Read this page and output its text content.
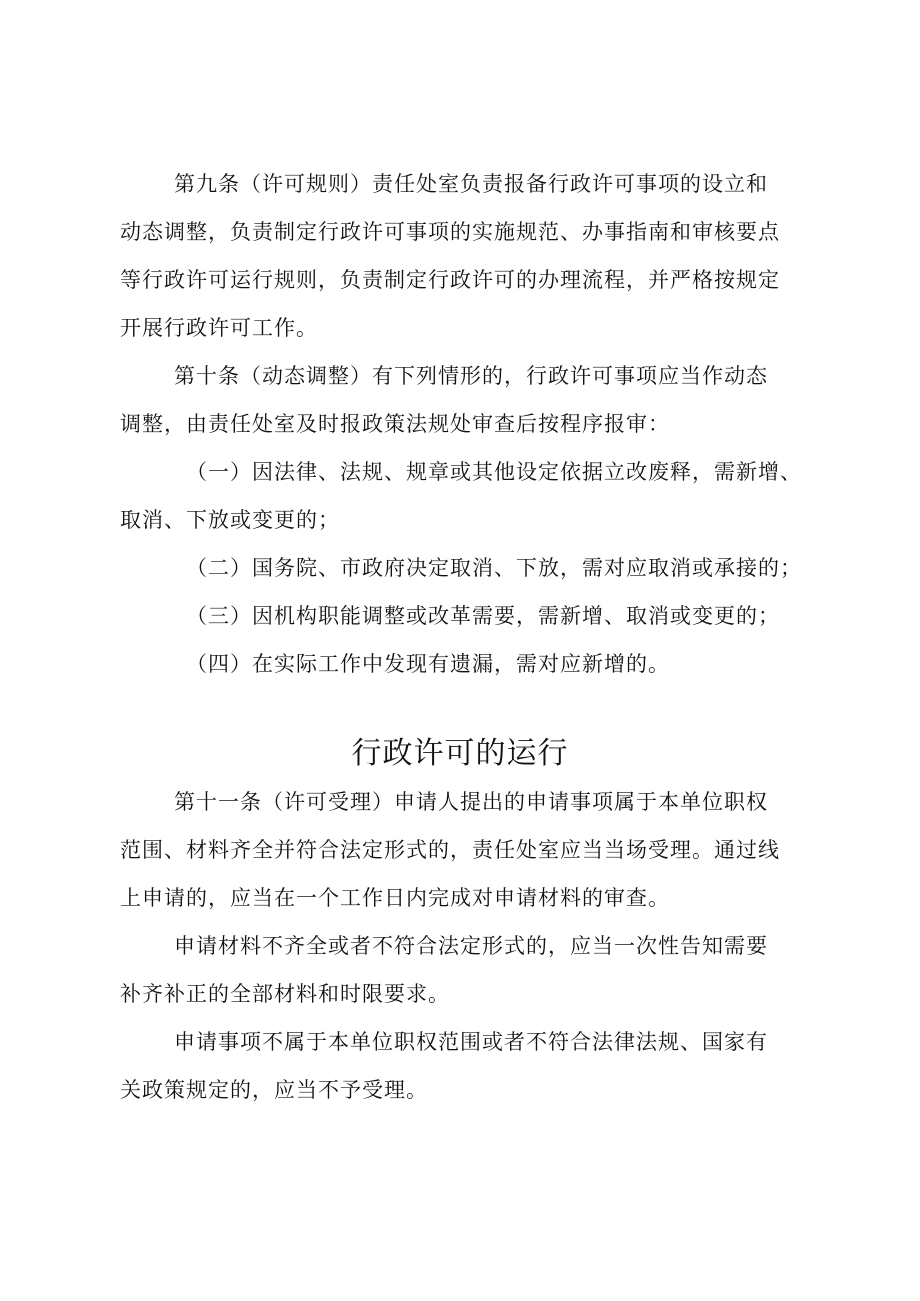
第九条（许可规则）责任处室负责报备行政许可事项的设立和
动态调整，负责制定行政许可事项的实施规范、办事指南和审核要点
等行政许可运行规则，负责制定行政许可的办理流程，并严格按规定
开展行政许可工作。
第十条（动态调整）有下列情形的，行政许可事项应当作动态
调整，由责任处室及时报政策法规处审查后按程序报审：
（一）因法律、法规、规章或其他设定依据立改废释，需新增、
取消、下放或变更的；
（二）国务院、市政府决定取消、下放，需对应取消或承接的；
（三）因机构职能调整或改革需要，需新增、取消或变更的；
（四）在实际工作中发现有遗漏，需对应新增的。
行政许可的运行
第十一条（许可受理）申请人提出的申请事项属于本单位职权
范围、材料齐全并符合法定形式的，责任处室应当当场受理。通过线
上申请的，应当在一个工作日内完成对申请材料的审查。
申请材料不齐全或者不符合法定形式的，应当一次性告知需要
补齐补正的全部材料和时限要求。
申请事项不属于本单位职权范围或者不符合法律法规、国家有
关政策规定的，应当不予受理。
